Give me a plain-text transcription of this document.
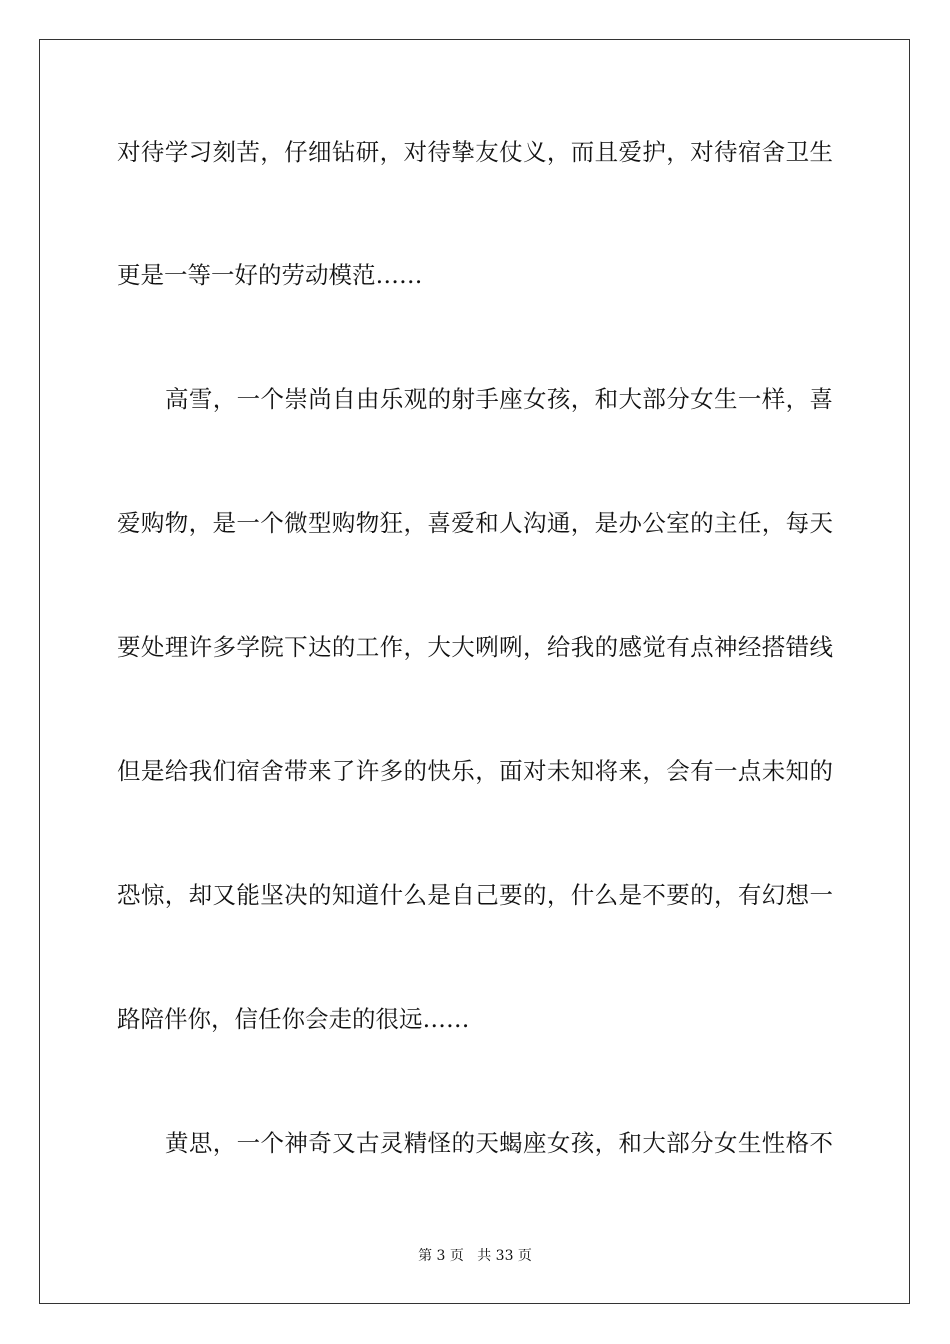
对待学习刻苦，仔细钻研，对待挚友仗义，而且爱护，对待宿舍卫生
更是一等一好的劳动模范……
高雪，一个崇尚自由乐观的射手座女孩，和大部分女生一样，喜
爱购物，是一个微型购物狂，喜爱和人沟通，是办公室的主任，每天
要处理许多学院下达的工作，大大咧咧，给我的感觉有点神经搭错线
但是给我们宿舍带来了许多的快乐，面对未知将来，会有一点未知的
恐惊，却又能坚决的知道什么是自己要的，什么是不要的，有幻想一
路陪伴你，信任你会走的很远……
黄思，一个神奇又古灵精怪的天蝎座女孩，和大部分女生性格不
第 3 页   共 33 页
